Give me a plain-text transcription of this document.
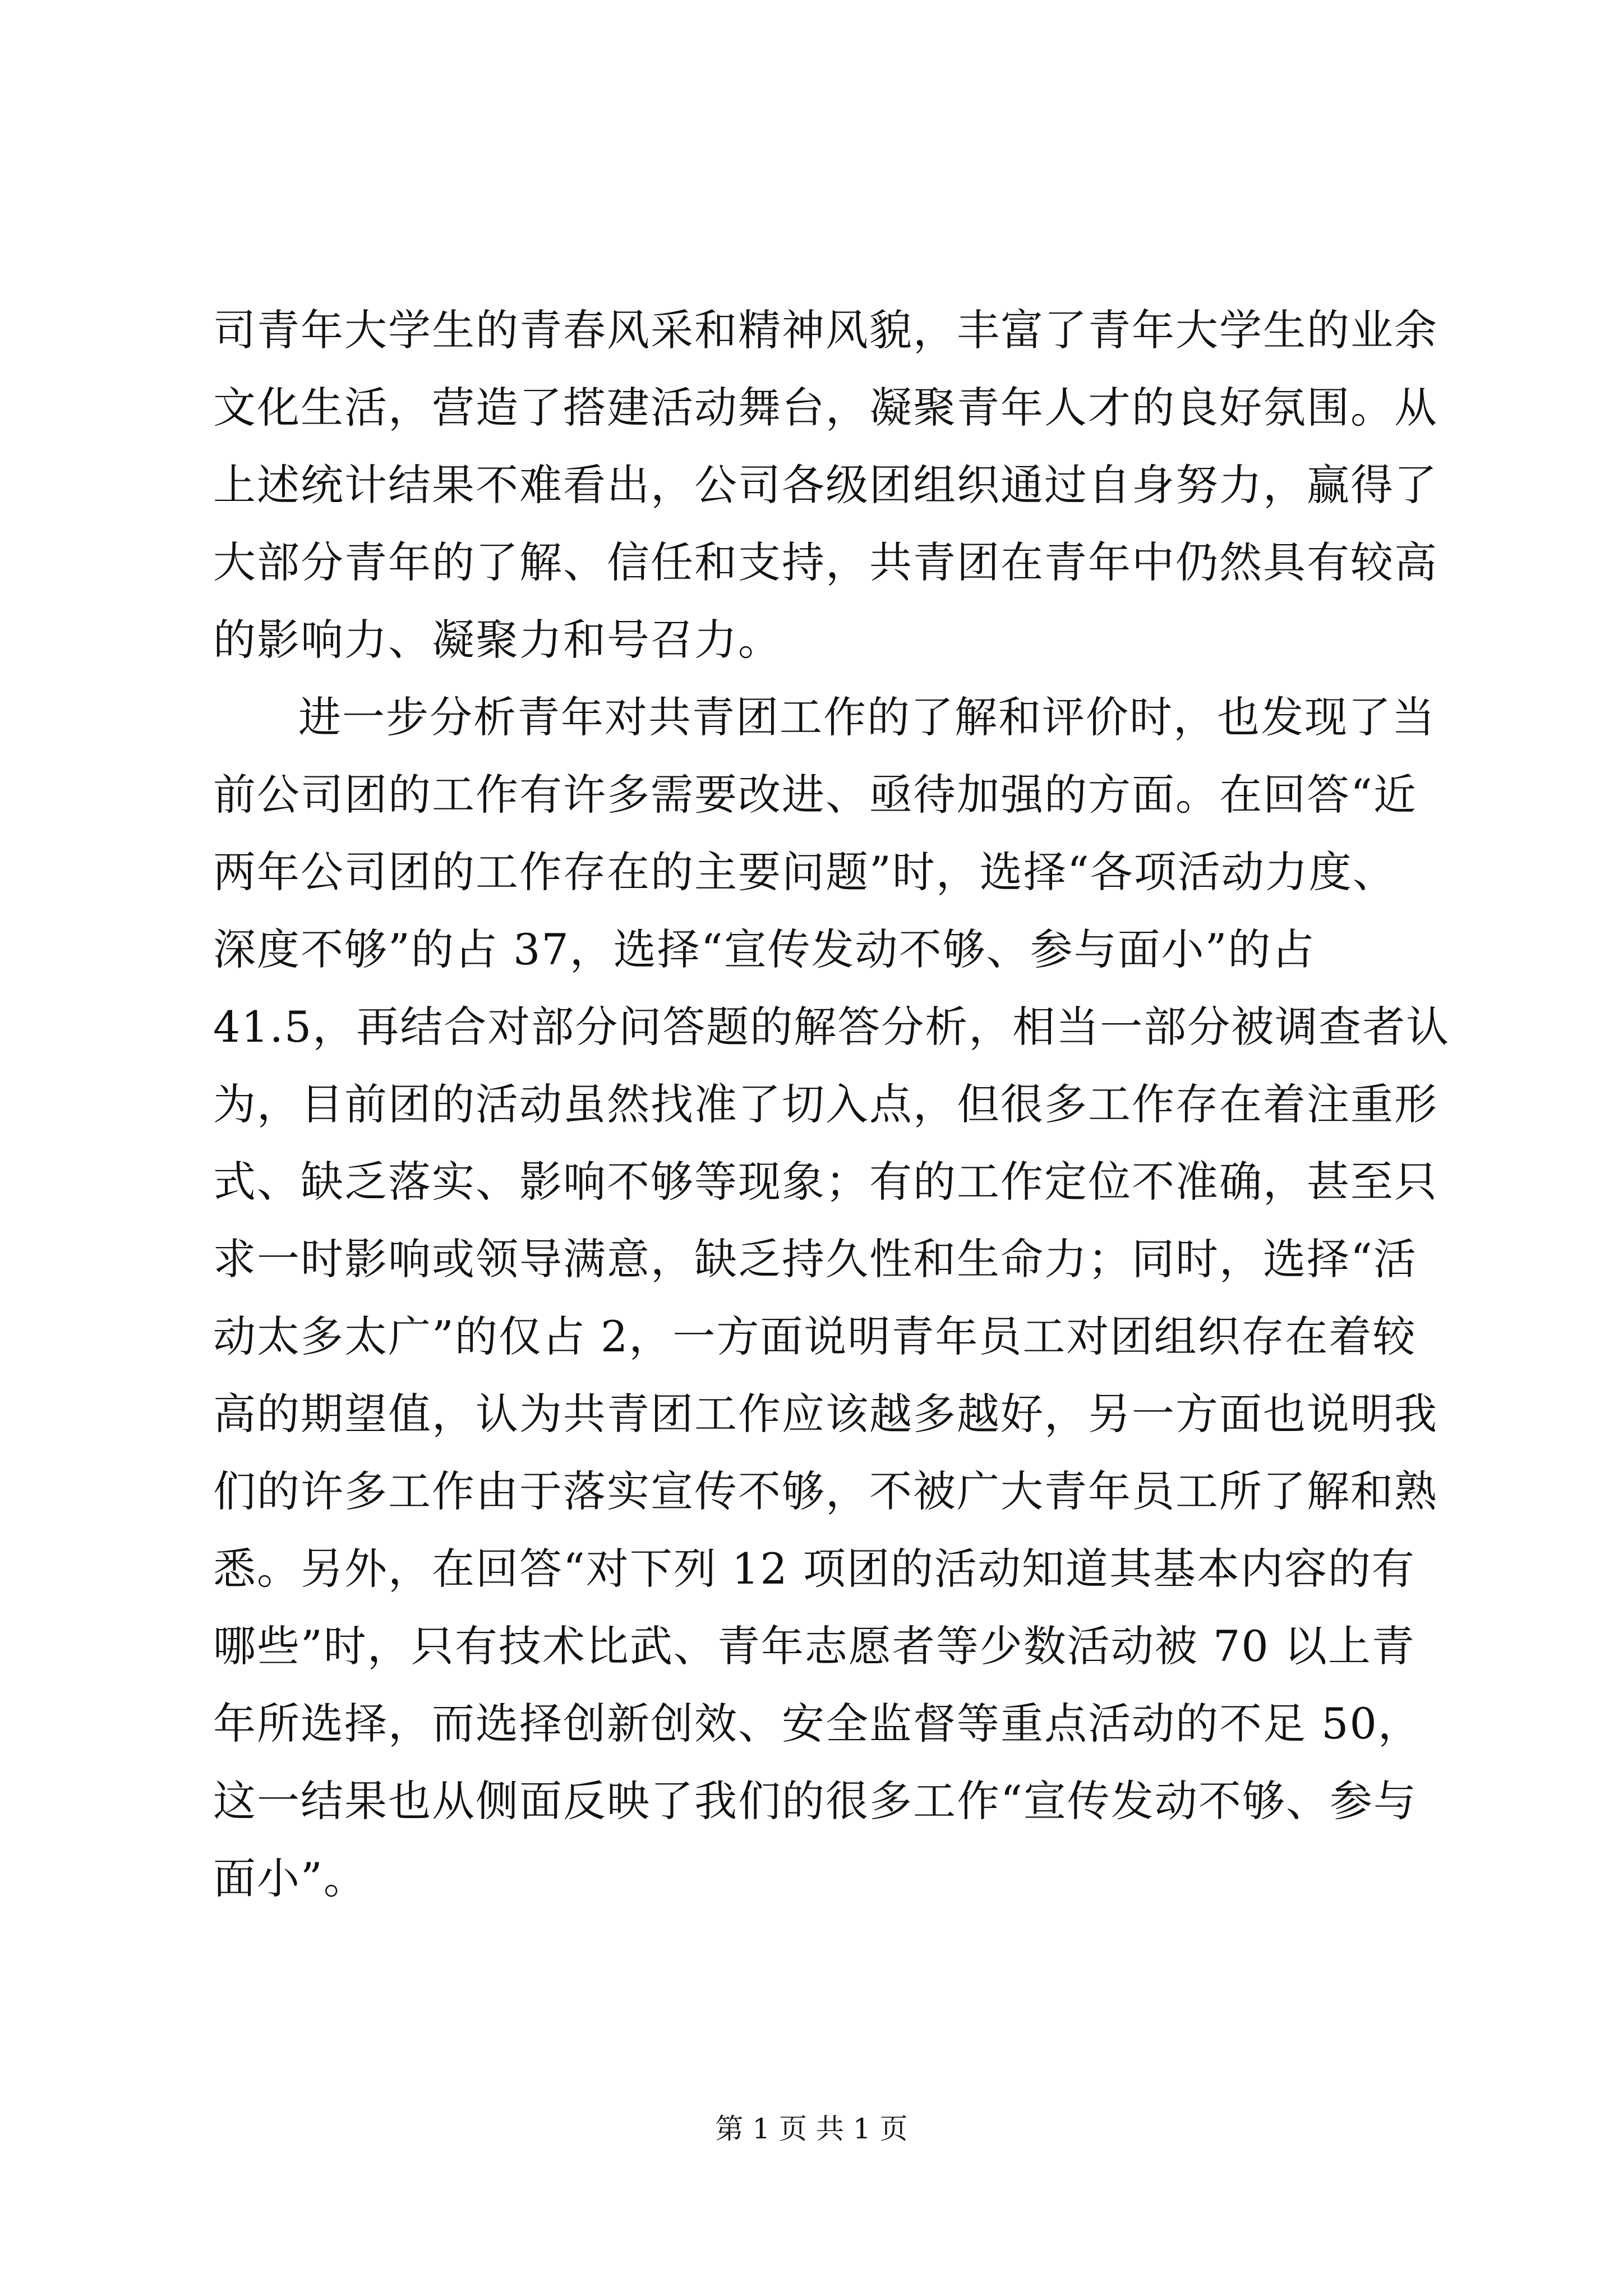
司青年大学生的青春风采和精神风貌，丰富了青年大学生的业余
文化生活，营造了搭建活动舞台，凝聚青年人才的良好氛围。从
上述统计结果不难看出，公司各级团组织通过自身努力，赢得了
大部分青年的了解、信任和支持，共青团在青年中仍然具有较高
的影响力、凝聚力和号召力。
进一步分析青年对共青团工作的了解和评价时，也发现了当
前公司团的工作有许多需要改进、亟待加强的方面。在回答“近
两年公司团的工作存在的主要问题”时，选择“各项活动力度、
深度不够”的占 37，选择“宣传发动不够、参与面小”的占
41.5，再结合对部分问答题的解答分析，相当一部分被调查者认
为，目前团的活动虽然找准了切入点，但很多工作存在着注重形
式、缺乏落实、影响不够等现象；有的工作定位不准确，甚至只
求一时影响或领导满意，缺乏持久性和生命力；同时，选择“活
动太多太广”的仅占 2，一方面说明青年员工对团组织存在着较
高的期望值，认为共青团工作应该越多越好，另一方面也说明我
们的许多工作由于落实宣传不够，不被广大青年员工所了解和熟
悉。另外，在回答“对下列 12 项团的活动知道其基本内容的有
哪些”时，只有技术比武、青年志愿者等少数活动被 70 以上青
年所选择，而选择创新创效、安全监督等重点活动的不足 50，
这一结果也从侧面反映了我们的很多工作“宣传发动不够、参与
面小”。
第 1 页 共 1 页
